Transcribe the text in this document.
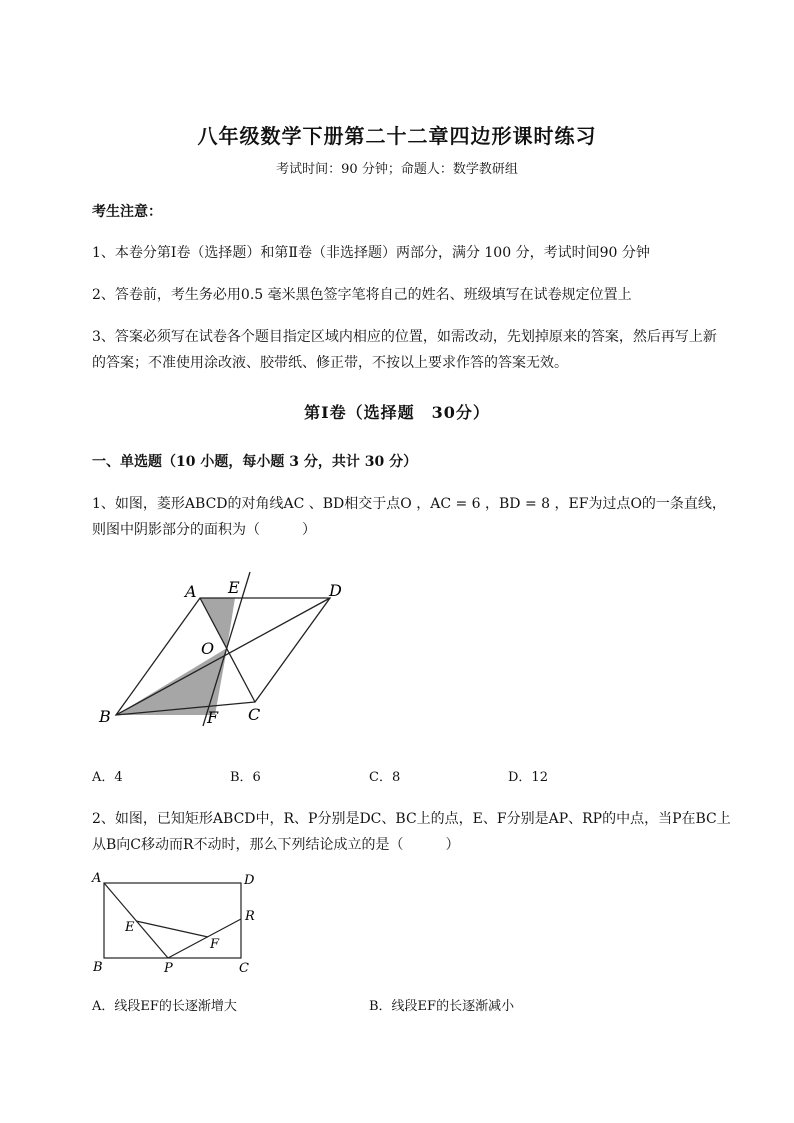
八年级数学下册第二十二章四边形课时练习
考试时间：90 分钟；命题人：数学教研组
考生注意：
1、本卷分第Ⅰ卷（选择题）和第Ⅱ卷（非选择题）两部分，满分 100 分，考试时间90 分钟
2、答卷前，考生务必用0.5 毫米黑色签字笔将自己的姓名、班级填写在试卷规定位置上
3、答案必须写在试卷各个题目指定区域内相应的位置，如需改动，先划掉原来的答案，然后再写上新
的答案；不准使用涂改液、胶带纸、修正带，不按以上要求作答的答案无效。
第Ⅰ卷（选择题　30分）
一、单选题（10 小题，每小题 3 分，共计 30 分）
1、如图，菱形ABCD的对角线AC 、BD相交于点O ，AC = 6 ，BD = 8 ，EF为过点O的一条直线，
则图中阴影部分的面积为（　　　）
A E	D
O
B	F C
A．4	B．6	C．8	D．12
2、如图，已知矩形ABCD中，R、P分别是DC、BC上的点，E、F分别是AP、RP的中点，当P在BC上
从B向C移动而R不动时，那么下列结论成立的是（　　　）
A	D
R
E
F
B	P	C
A．线段EF的长逐渐增大	B．线段EF的长逐渐减小
